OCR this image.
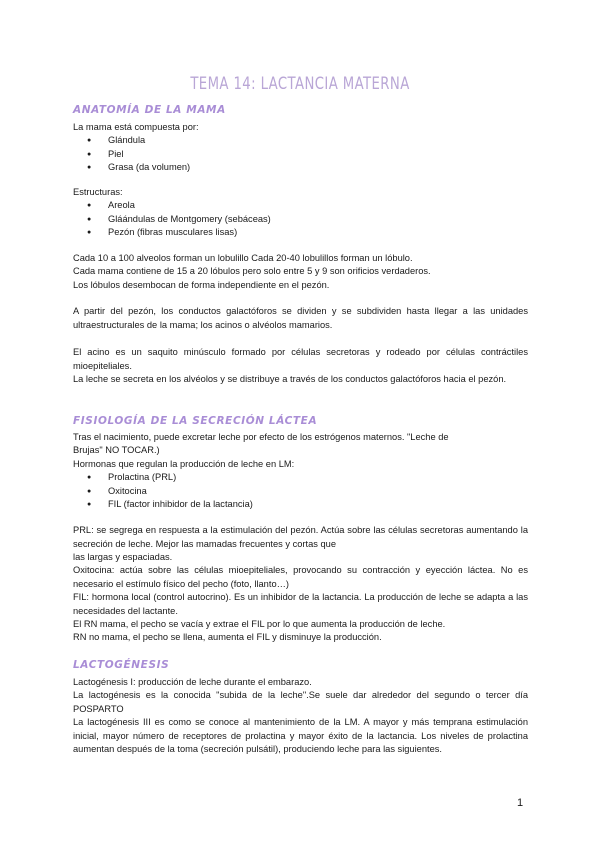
TEMA 14: LACTANCIA MATERNA
ANATOMÍA DE LA MAMA
La mama está compuesta por:
● Glándula
● Piel
● Grasa (da volumen)
Estructuras:
● Areola
● Gláándulas de Montgomery (sebáceas)
● Pezón (fibras musculares lisas)
Cada 10 a 100 alveolos forman un lobulillo Cada 20-40 lobulillos forman un lóbulo.
Cada mama contiene de 15 a 20 lóbulos pero solo entre 5 y 9 son orificios verdaderos.
Los lóbulos desembocan de forma independiente en el pezón.
A partir del pezón, los conductos galactóforos se dividen y se subdividen hasta llegar a las unidades ultraestructurales de la mama; los acinos o alvéolos mamarios.
El acino es un saquito minúsculo formado por células secretoras y rodeado por células contráctiles mioepiteliales.
La leche se secreta en los alvéolos y se distribuye a través de los conductos galactóforos hacia el pezón.
FISIOLOGÍA DE LA SECRECIÓN LÁCTEA
Tras el nacimiento, puede excretar leche por efecto de los estrógenos maternos. "Leche de
Brujas" NO TOCAR.)
Hormonas que regulan la producción de leche en LM:
● Prolactina (PRL)
● Oxitocina
● FIL (factor inhibidor de la lactancia)
PRL: se segrega en respuesta a la estimulación del pezón. Actúa sobre las células secretoras aumentando la secreción de leche. Mejor las mamadas frecuentes y cortas que
las largas y espaciadas.
Oxitocina: actúa sobre las células mioepiteliales, provocando su contracción y eyección láctea. No es necesario el estímulo físico del pecho (foto, llanto…)
FIL: hormona local (control autocrino). Es un inhibidor de la lactancia. La producción de leche se adapta a las necesidades del lactante.
El RN mama, el pecho se vacía y extrae el FIL por lo que aumenta la producción de leche.
RN no mama, el pecho se llena, aumenta el FIL y disminuye la producción.
LACTOGÉNESIS
Lactogénesis I: producción de leche durante el embarazo.
La lactogénesis es la conocida "subida de la leche".Se suele dar alrededor del segundo o tercer día POSPARTO
La lactogénesis III es como se conoce al mantenimiento de la LM. A mayor y más temprana estimulación inicial, mayor número de receptores de prolactina y mayor éxito de la lactancia. Los niveles de prolactina aumentan después de la toma (secreción pulsátil), produciendo leche para las siguientes.
1
